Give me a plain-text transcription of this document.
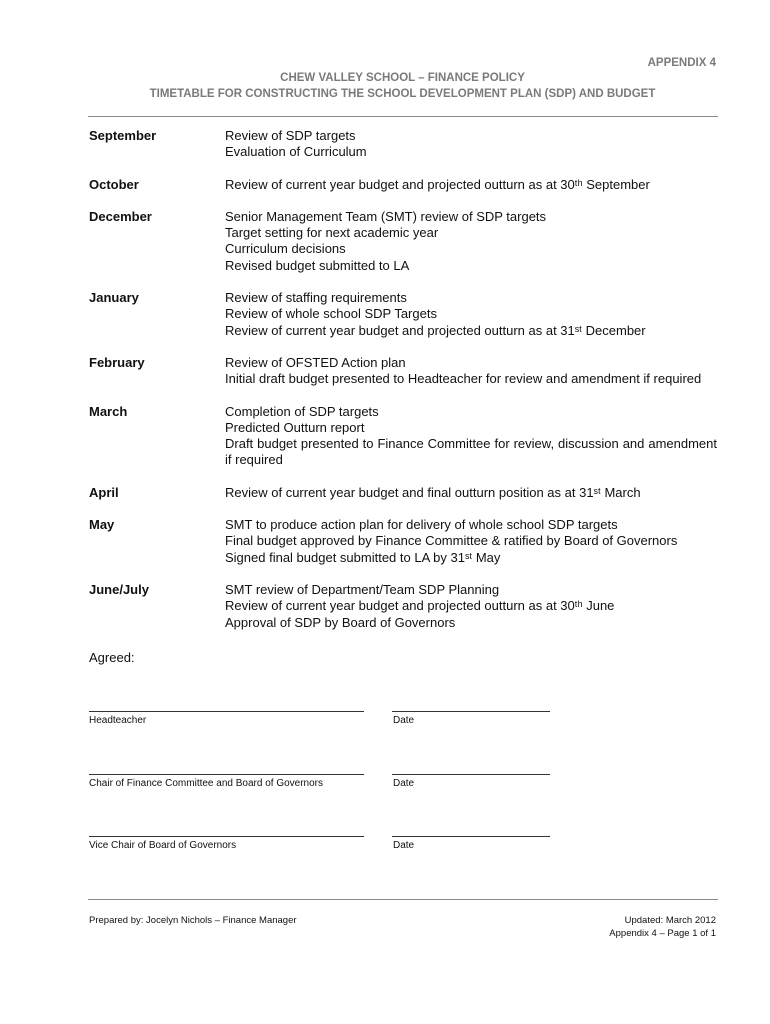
APPENDIX 4
CHEW VALLEY SCHOOL – FINANCE POLICY
TIMETABLE FOR CONSTRUCTING THE SCHOOL DEVELOPMENT PLAN (SDP) AND BUDGET
September	Review of SDP targets
Evaluation of Curriculum
October	Review of current year budget and projected outturn as at 30ᵗʰ September
December	Senior Management Team (SMT) review of SDP targets
Target setting for next academic year
Curriculum decisions
Revised budget submitted to LA
January	Review of staffing requirements
Review of whole school SDP Targets
Review of current year budget and projected outturn as at 31ˢᵗ December
February	Review of OFSTED Action plan
Initial draft budget presented to Headteacher for review and amendment if required
March	Completion of SDP targets
Predicted Outturn report
Draft budget presented to Finance Committee for review, discussion and amendment if required
April	Review of current year budget and final outturn position as at 31ˢᵗ March
May	SMT to produce action plan for delivery of whole school SDP targets
Final budget approved by Finance Committee & ratified by Board of Governors
Signed final budget submitted to LA by 31ˢᵗ May
June/July	SMT review of Department/Team SDP Planning
Review of current year budget and projected outturn as at 30ᵗʰ June
Approval of SDP by Board of Governors
Agreed:
Headteacher	Date
Chair of Finance Committee and Board of Governors	Date
Vice Chair of Board of Governors	Date
Prepared by: Jocelyn Nichols – Finance Manager	Updated: March 2012
Appendix 4 – Page 1 of 1
